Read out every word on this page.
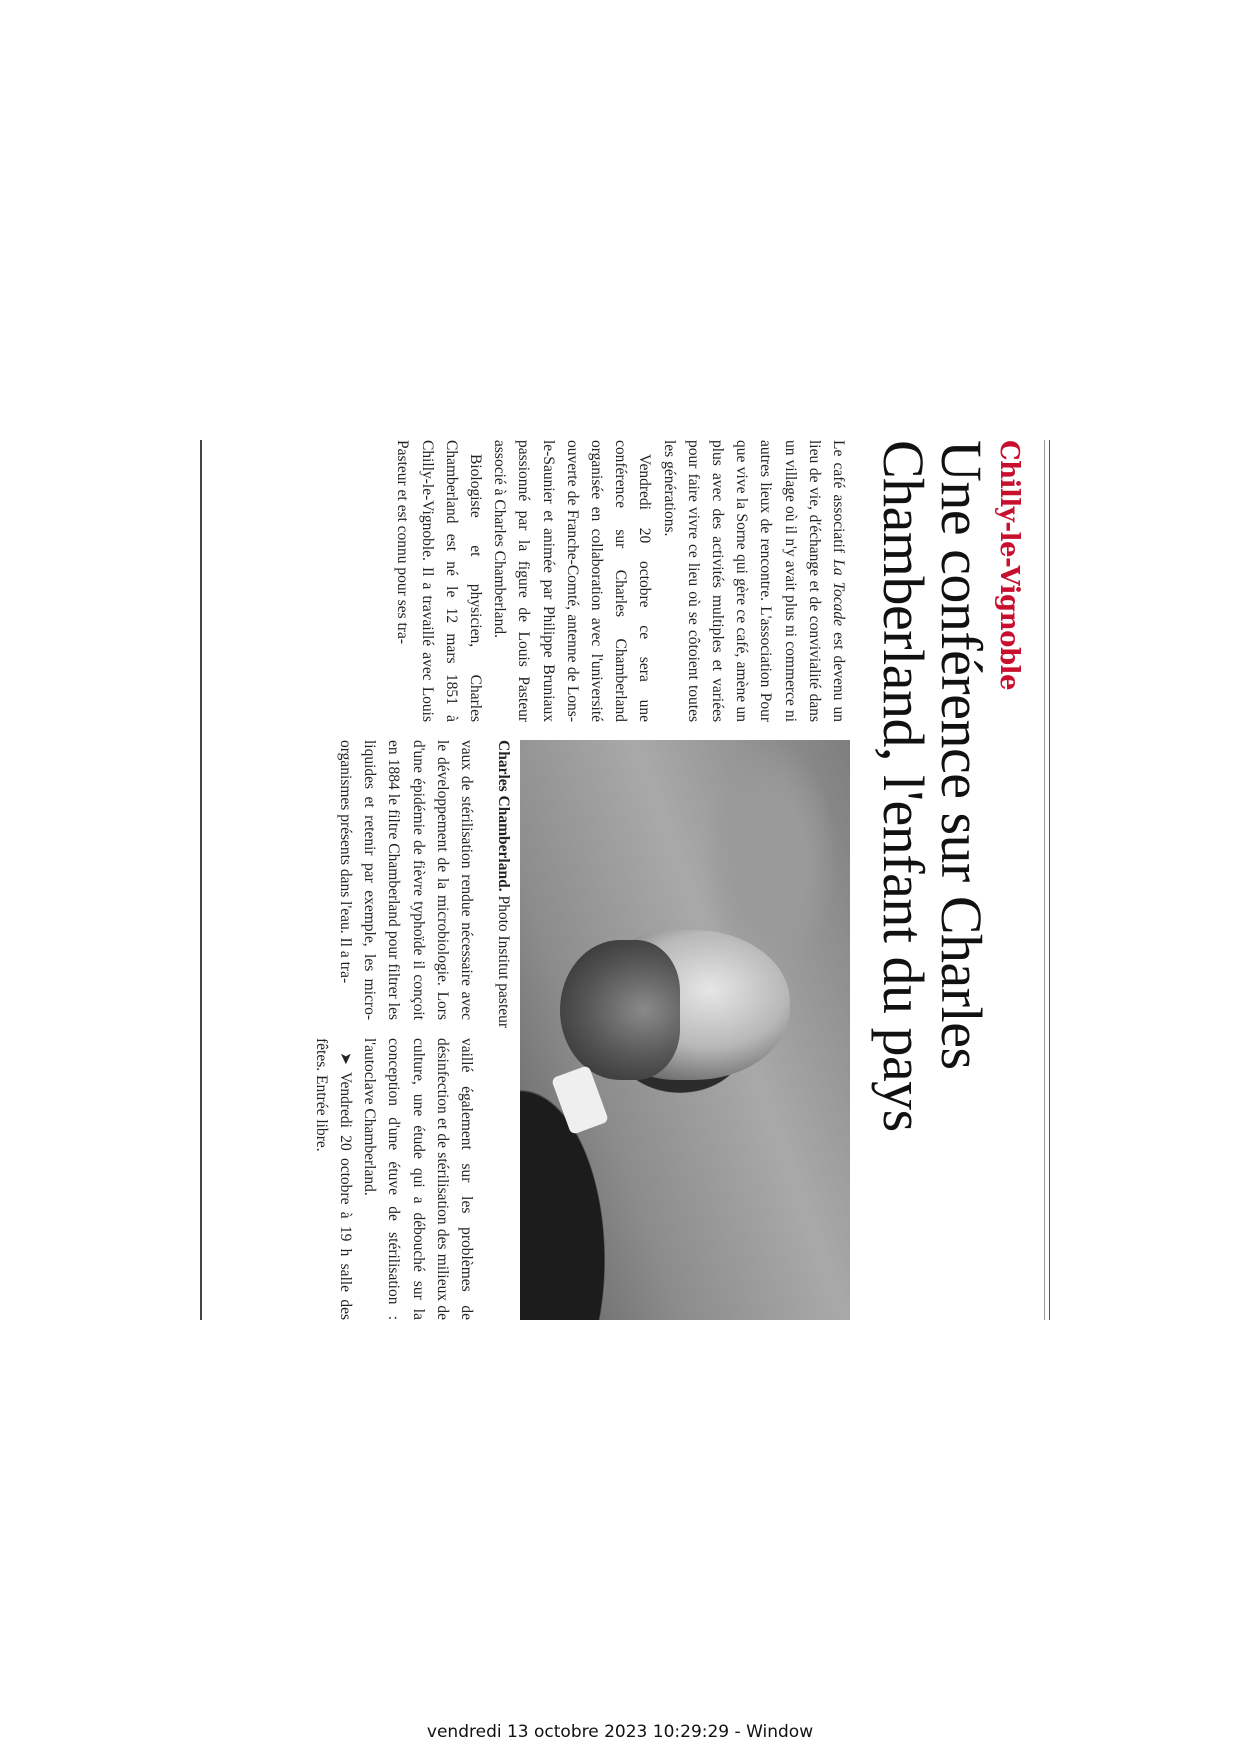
Chilly-le-Vignoble
Une conférence sur Charles
Chamberland, l'enfant du pays

Le café associatif La Tocade est devenu un lieu de vie, d'échange et de convivialité dans un village où il n'y avait plus ni commerce ni autres lieux de rencontre. L'association Pour que vive la Sorne qui gère ce café, amène un plus avec des activités multiples et variées pour faire vivre ce lieu où se côtoient toutes les générations.

Vendredi 20 octobre ce sera une conférence sur Charles Chamberland organisée en collaboration avec l'université ouverte de Franche-Comté, antenne de Lons-le-Saunier et animée par Philippe Bruniaux passionné par la figure de Louis Pasteur associé à Charles Chamberland.

Biologiste et physicien, Charles Chamberland est né le 12 mars 1851 à Chilly-le-Vignoble. Il a travaillé avec Louis Pasteur et est connu pour ses tra-

Charles Chamberland. Photo Institut pasteur

vaux de stérilisation rendue nécessaire avec le développement de la microbiologie. Lors d'une épidémie de fièvre typhoïde il conçoit en 1884 le filtre Chamberland pour filtrer les liquides et retenir par exemple, les micro-organismes présents dans l'eau. Il a tra-

vaillé également sur les problèmes de désinfection et de stérilisation des milieux de culture, une étude qui a débouché sur la conception d'une étuve de stérilisation : l'autoclave Chamberland.

➤ Vendredi 20 octobre à 19 h salle des fêtes. Entrée libre.

vendredi 13 octobre 2023 10:29:29 - Window
